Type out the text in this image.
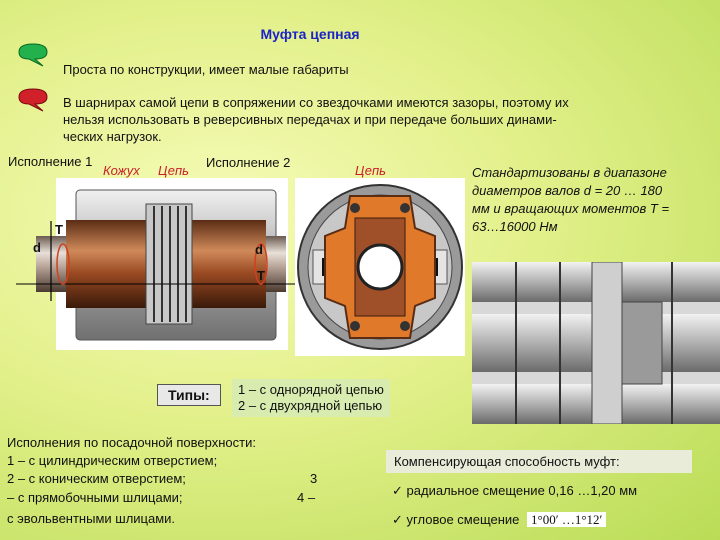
Муфта цепная
Проста по конструкции, имеет малые габариты
В шарнирах самой цепи в сопряжении со звездочками имеются зазоры, поэтому их
нельзя использовать в реверсивных передачах и при передаче больших динами-
ческих нагрузок.
Исполнение 1
Кожух Цепь
Исполнение 2
T
d	d
T
Цепь	Стандартизованы в диапазоне
диаметров валов d = 20 … 180
мм и вращающих моментов T =
63…16000 Нм
Типы:	1 – с однорядной цепью
2 – с двухрядной цепью
Исполнения по посадочной поверхности:
1 – с цилиндрическим отверстием;
2 – с коническим отверстием;	3
– с прямобочными шлицами;	4 –
с эвольвентными шлицами.
Компенсирующая способность муфт:
✓ радиальное смещение 0,16 …1,20 мм
✓ угловое смещение 1°00′ …1°12′
